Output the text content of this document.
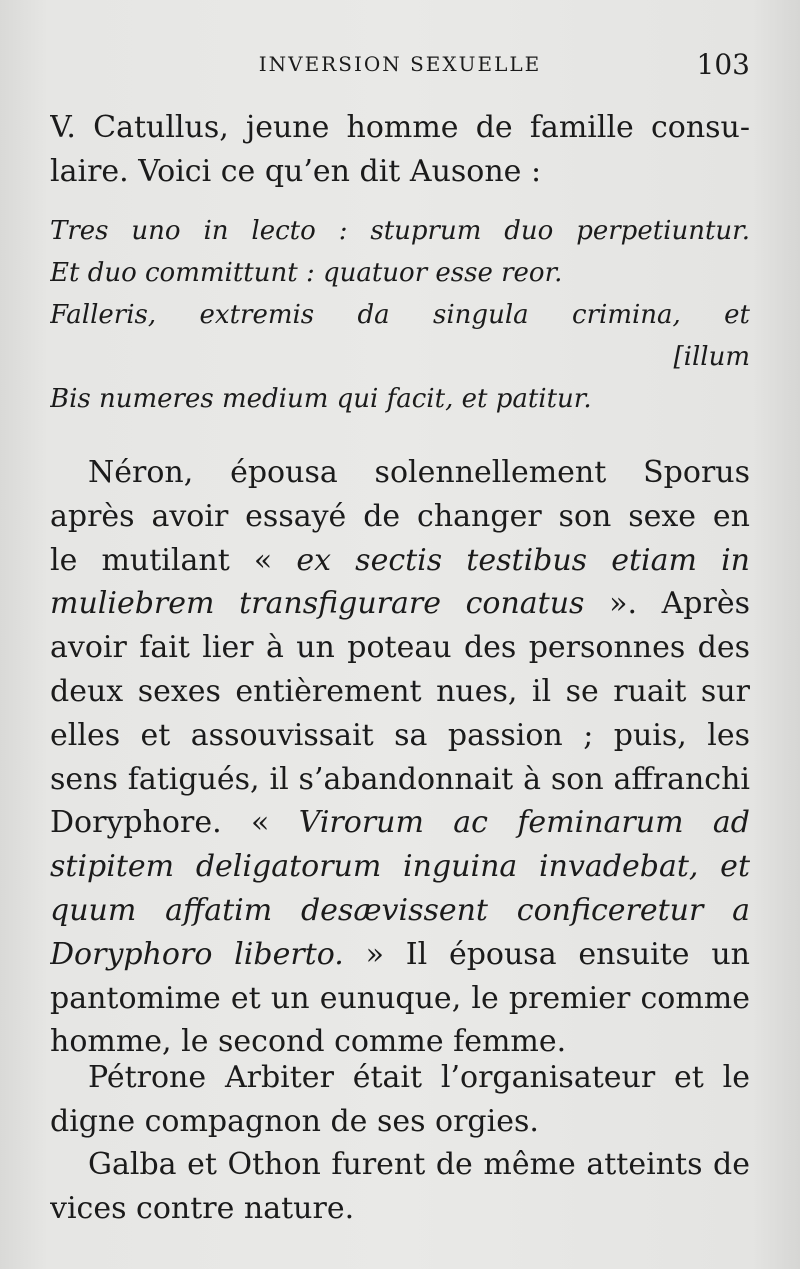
INVERSION SEXUELLE	103
V. Catullus, jeune homme de famille consu-
laire. Voici ce qu’en dit Ausone :
Tres uno in lecto : stuprum duo perpetiuntur.
Et duo committunt : quatuor esse reor.
Falleris, extremis da singula crimina, et
[illum
Bis numeres medium qui facit, et patitur.
Néron, épousa solennellement Sporus
après avoir essayé de changer son sexe en
le mutilant « ex sectis testibus etiam in
muliebrem transfigurare conatus ». Après
avoir fait lier à un poteau des personnes des
deux sexes entièrement nues, il se ruait sur
elles et assouvissait sa passion ; puis, les
sens fatigués, il s’abandonnait à son affranchi
Doryphore. « Virorum ac feminarum ad
stipitem deligatorum inguina invadebat, et
quum affatim desævissent conficeretur a
Doryphoro liberto. » Il épousa ensuite un
pantomime et un eunuque, le premier comme
homme, le second comme femme.
Pétrone Arbiter était l’organisateur et le
digne compagnon de ses orgies.
Galba et Othon furent de même atteints de
vices contre nature.
